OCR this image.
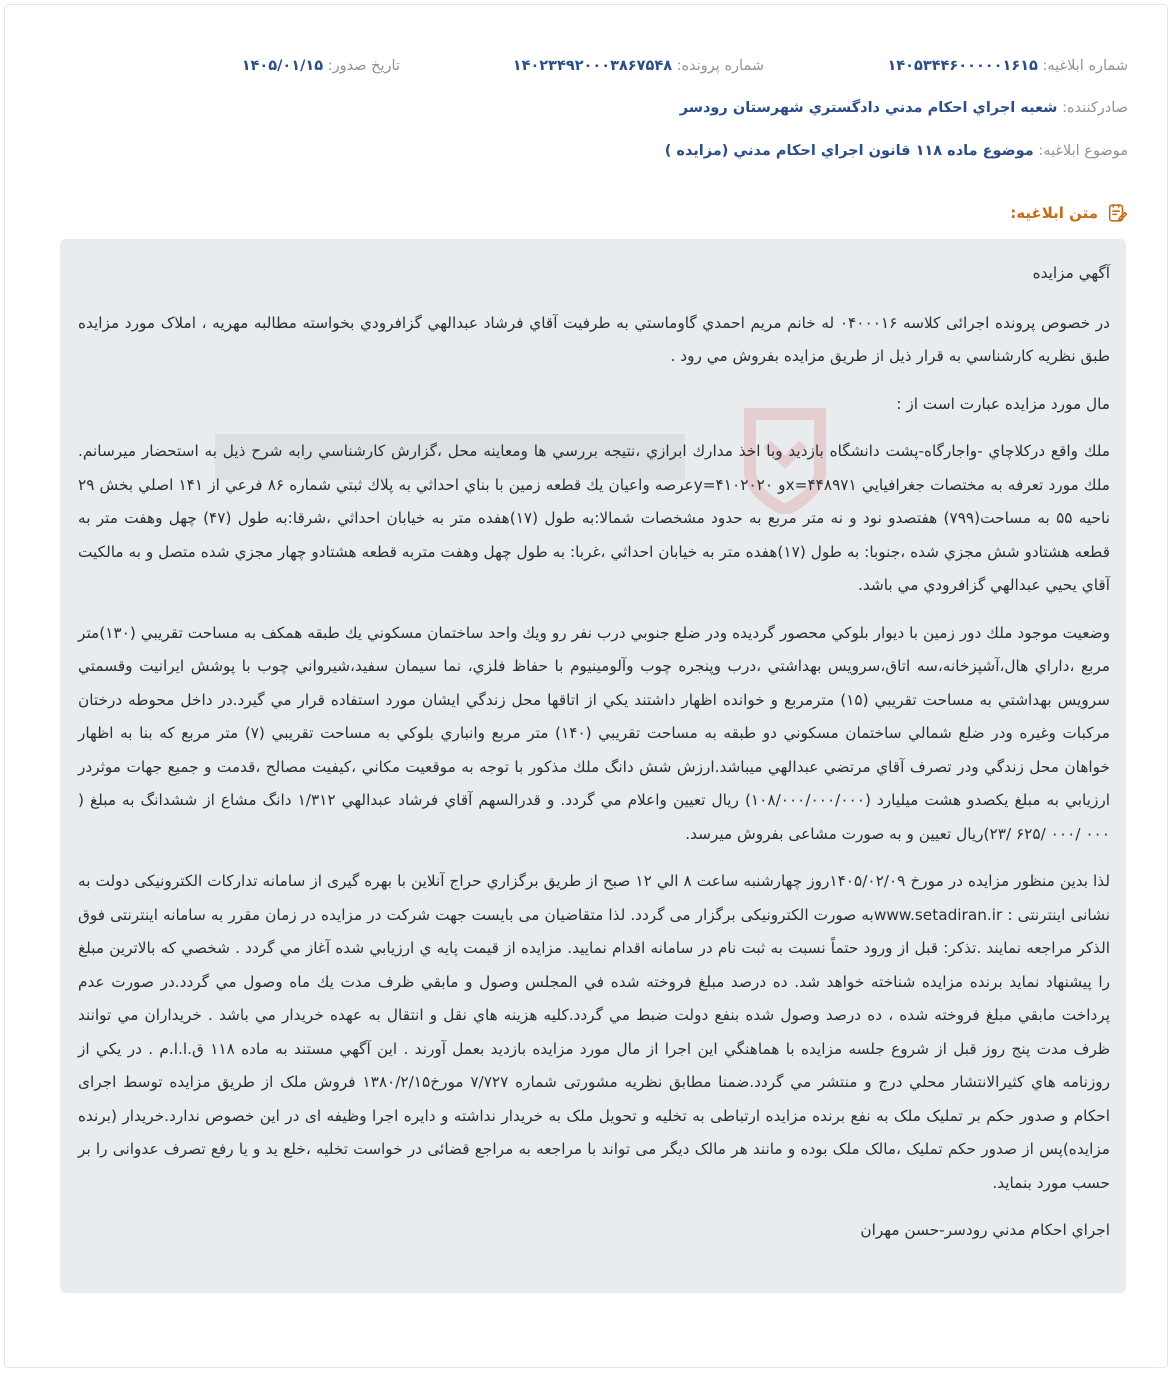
شماره ابلاغيه: ۱۴۰۵۳۴۴۶۰۰۰۰۰۱۶۱۵
شماره پرونده: ۱۴۰۲۳۴۹۲۰۰۰۳۸۶۷۵۴۸
تاريخ صدور: ۱۴۰۵/۰۱/۱۵
صادرکننده: شعبه اجراي احکام مدني دادگستري شهرستان رودسر
موضوع ابلاغيه: موضوع ماده ۱۱۸ قانون اجراي احکام مدني (مزايده )
متن ابلاغيه:

آگهي مزايده

در خصوص پرونده اجرائی کلاسه ۰۴۰۰۰۱۶ له خانم مريم احمدي گاوماستي به طرفيت آقاي فرشاد عبدالهي گزافرودي بخواسته مطالبه مهريه ، املاک مورد مزايده طبق نظريه کارشناسي به قرار ذيل از طريق مزايده بفروش مي رود .

مال مورد مزايده عبارت است از :

ملك واقع دركلاچاي -واجارگاه-پشت دانشگاه بازديد وبا اخذ مدارك ابرازي ،نتيجه بررسي ها ومعاينه محل ،گزارش كارشناسي رابه شرح ذيل به استحضار ميرسانم. ملك مورد تعرفه به مختصات جغرافيايي x=۴۴۸۹۷۱و y=۴۱۰۲۰۲۰عرصه واعيان يك قطعه زمين با بناي احداثي به پلاك ثبتي شماره ۸۶ فرعي از ۱۴۱ اصلي بخش ۲۹ ناحيه ۵۵ به مساحت(۷۹۹) هفتصدو نود و نه متر مربع به حدود مشخصات شمالا:به طول (۱۷)هفده متر به خيابان احداثي ،شرقا:به طول (۴۷) چهل وهفت متر به قطعه هشتادو شش مجزي شده ،جنوبا: به طول (۱۷)هفده متر به خيابان احداثي ،غربا: به طول چهل وهفت متربه قطعه هشتادو چهار مجزي شده متصل و به مالكيت آقاي يحيي عبدالهي گزافرودي مي باشد.

وضعيت موجود ملك دور زمين با ديوار بلوكي محصور گرديده ودر ضلع جنوبي درب نفر رو ويك واحد ساختمان مسكوني يك طبقه همكف به مساحت تقريبي (۱۳۰)متر مربع ،داراي هال،آشپزخانه،سه اتاق،سرويس بهداشتي ،درب وپنجره چوب وآلومينيوم با حفاظ فلزي، نما سيمان سفيد،شيرواني چوب با پوشش ايرانيت وقسمتي سرويس بهداشتي به مساحت تقريبي (۱۵) مترمربع و خوانده اظهار داشتند يكي از اتاقها محل زندگي ايشان مورد استفاده قرار مي گيرد.در داخل محوطه درختان مركبات وغيره ودر ضلع شمالي ساختمان مسكوني دو طبقه به مساحت تقريبي (۱۴۰) متر مربع وانباري بلوكي به مساحت تقريبي (۷) متر مربع كه بنا به اظهار خواهان محل زندگي ودر تصرف آقاي مرتضي عبدالهي ميباشد.ارزش شش دانگ ملك مذكور با توجه به موقعيت مكاني ،كيفيت مصالح ،قدمت و جميع جهات موثردر ارزيابي به مبلغ يكصدو هشت ميليارد (۱۰۸/۰۰۰/۰۰۰/۰۰۰) ريال تعيين واعلام مي گردد. و قدرالسهم آقاي فرشاد عبدالهي ۱/۳۱۲ دانگ مشاع از ششدانگ به مبلغ ( ۰۰۰ /۰۰۰ /۶۲۵ /۲۳)ريال تعيين و به صورت مشاعی بفروش ميرسد.

لذا بدين منظور مزايده در مورخ ۱۴۰۵/۰۲/۰۹روز چهارشنبه ساعت ۸ الي ۱۲ صبح از طريق برگزاري حراج آنلاين با بهره گيری از سامانه تدارکات الکترونيکی دولت به نشانی اينترنتی : www.setadiran.irبه صورت الکترونيکی برگزار می گردد. لذا متقاضيان می بايست جهت شرکت در مزايده در زمان مقرر به سامانه اينترنتی فوق الذکر مراجعه نمايند .تذکر: قبل از ورود حتماً نسبت به ثبت نام در سامانه اقدام نماييد. مزايده از قيمت پايه ي ارزيابي شده آغاز مي گردد . شخصي كه بالاترين مبلغ را پيشنهاد نمايد برنده مزايده شناخته خواهد شد. ده درصد مبلغ فروخته شده في المجلس وصول و مابقي ظرف مدت يك ماه وصول مي گردد.در صورت عدم پرداخت مابقي مبلغ فروخته شده ، ده درصد وصول شده بنفع دولت ضبط مي گردد.كليه هزينه هاي نقل و انتقال به عهده خريدار مي باشد . خريداران مي توانند ظرف مدت پنج روز قبل از شروع جلسه مزايده با هماهنگي اين اجرا از مال مورد مزايده بازديد بعمل آورند . اين آگهي مستند به ماده ۱۱۸ ق.ا.ا.م . در يكي از روزنامه هاي كثيرالانتشار محلي درج و منتشر مي گردد.ضمنا مطابق نظريه مشورتی شماره ۷/۷۲۷ مورخ۱۳۸۰/۲/۱۵ فروش ملک از طريق مزايده توسط اجرای احکام و صدور حکم بر تمليک ملک به نفع برنده مزايده ارتباطی به تخليه و تحويل ملک به خريدار نداشته و دايره اجرا وظيفه ای در اين خصوص ندارد.خريدار (برنده مزايده)پس از صدور حکم تمليک ،مالک ملک بوده و مانند هر مالک ديگر می تواند با مراجعه به مراجع قضائی در خواست تخليه ،خلع يد و يا رفع تصرف عدوانی را بر حسب مورد بنمايد.

اجراي احكام مدني رودسر-حسن مهران
